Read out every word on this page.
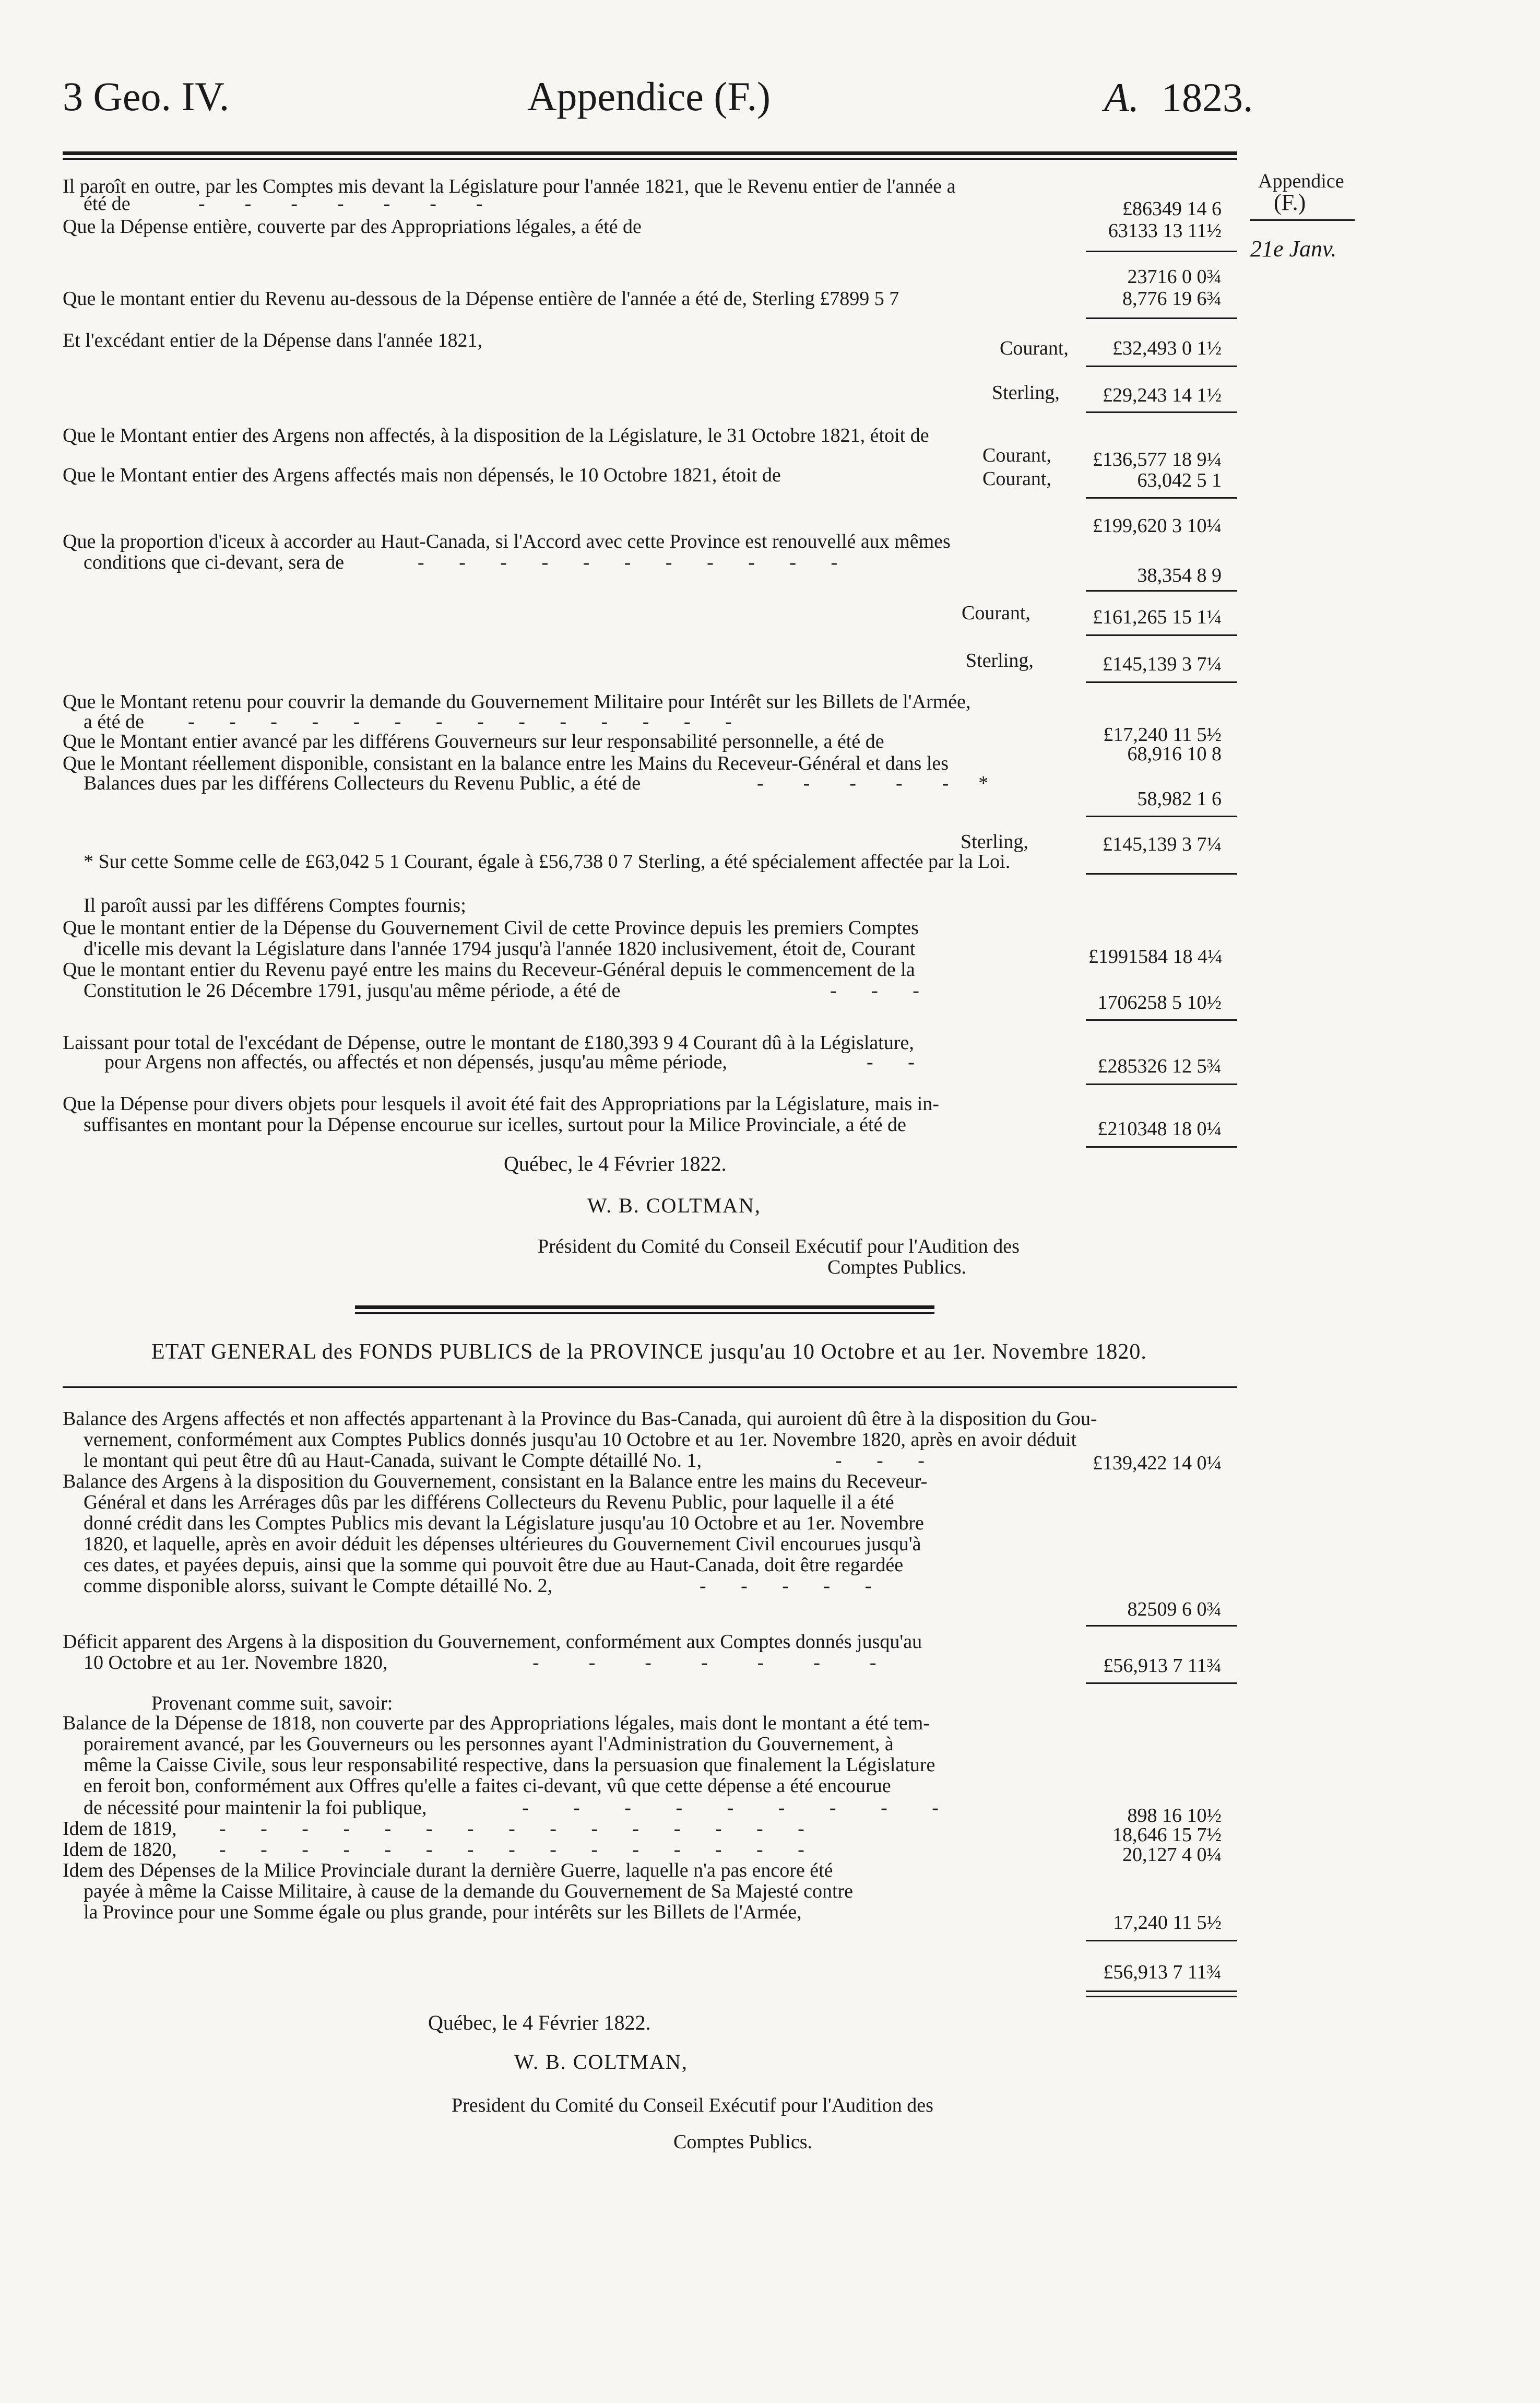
3 Geo. IV.	Appendice (F.)	A. 1823.
Appendice
(F.)
21e Janv.
Il paroît en outre, par les Comptes mis devant la Législature pour l'année 1821, que le Revenu entier de l'année a
été de	-        -        -        -        -        -        -	£86349 14 6
Que la Dépense entière, couverte par des Appropriations légales, a été de	63133 13 11½
23716 0 0¾
Que le montant entier du Revenu au-dessous de la Dépense entière de l'année a été de, Sterling £7899 5 7	8,776 19 6¾
Et l'excédant entier de la Dépense dans l'année 1821,	Courant,	£32,493 0 1½
Sterling,	£29,243 14 1½
Que le Montant entier des Argens non affectés, à la disposition de la Législature, le 31 Octobre 1821, étoit de
Courant, £136,577 18 9¼
Que le Montant entier des Argens affectés mais non dépensés, le 10 Octobre 1821, étoit de	Courant,	63,042 5 1
£199,620 3 10¼
Que la proportion d'iceux à accorder au Haut-Canada, si l'Accord avec cette Province est renouvellé aux mêmes
conditions que ci-devant, sera de	-       -       -       -       -       -       -       -       -       -       -
38,354 8 9
Courant,	£161,265 15 1¼
Sterling,	£145,139 3 7¼
Que le Montant retenu pour couvrir la demande du Gouvernement Militaire pour Intérêt sur les Billets de l'Armée,
a été de -       -       -       -       -       -       -       -       -       -       -       -       -       -
£17,240 11 5½
Que le Montant entier avancé par les différens Gouverneurs sur leur responsabilité personnelle, a été de
68,916 10 8
Que le Montant réellement disponible, consistant en la balance entre les Mains du Receveur-Général et dans les
Balances dues par les différens Collecteurs du Revenu Public, a été de	-        -        -        -        -      *
58,982 1 6
Sterling,	£145,139 3 7¼
* Sur cette Somme celle de £63,042 5 1 Courant, égale à £56,738 0 7 Sterling, a été spécialement affectée par la Loi.
Il paroît aussi par les différens Comptes fournis;
Que le montant entier de la Dépense du Gouvernement Civil de cette Province depuis les premiers Comptes
d'icelle mis devant la Législature dans l'année 1794 jusqu'à l'année 1820 inclusivement, étoit de, Courant	£1991584 18 4¼
Que le montant entier du Revenu payé entre les mains du Receveur-Général depuis le commencement de la
Constitution le 26 Décembre 1791, jusqu'au même période, a été de	-       -       -
1706258 5 10½
Laissant pour total de l'excédant de Dépense, outre le montant de £180,393 9 4 Courant dû à la Législature,
pour Argens non affectés, ou affectés et non dépensés, jusqu'au même période,	-       -	£285326 12 5¾
Que la Dépense pour divers objets pour lesquels il avoit été fait des Appropriations par la Législature, mais in-
suffisantes en montant pour la Dépense encourue sur icelles, surtout pour la Milice Provinciale, a été de	£210348 18 0¼
Québec, le 4 Février 1822.
W. B. COLTMAN,
Président du Comité du Conseil Exécutif pour l'Audition des
Comptes Publics.
ETAT GENERAL des FONDS PUBLICS de la PROVINCE jusqu'au 10 Octobre et au 1er. Novembre 1820.
Balance des Argens affectés et non affectés appartenant à la Province du Bas-Canada, qui auroient dû être à la disposition du Gou-
vernement, conformément aux Comptes Publics donnés jusqu'au 10 Octobre et au 1er. Novembre 1820, après en avoir déduit
le montant qui peut être dû au Haut-Canada, suivant le Compte détaillé No. 1,	-       -       -	£139,422 14 0¼
Balance des Argens à la disposition du Gouvernement, consistant en la Balance entre les mains du Receveur-
Général et dans les Arrérages dûs par les différens Collecteurs du Revenu Public, pour laquelle il a été
donné crédit dans les Comptes Publics mis devant la Législature jusqu'au 10 Octobre et au 1er. Novembre
1820, et laquelle, après en avoir déduit les dépenses ultérieures du Gouvernement Civil encourues jusqu'à
ces dates, et payées depuis, ainsi que la somme qui pouvoit être due au Haut-Canada, doit être regardée
comme disponible alorss, suivant le Compte détaillé No. 2,	-       -       -       -       -
82509 6 0¾
Déficit apparent des Argens à la disposition du Gouvernement, conformément aux Comptes donnés jusqu'au
10 Octobre et au 1er. Novembre 1820,	-          -          -          -          -          -          -	£56,913 7 11¾
Provenant comme suit, savoir:
Balance de la Dépense de 1818, non couverte par des Appropriations légales, mais dont le montant a été tem-
porairement avancé, par les Gouverneurs ou les personnes ayant l'Administration du Gouvernement, à
même la Caisse Civile, sous leur responsabilité respective, dans la persuasion que finalement la Législature
en feroit bon, conformément aux Offres qu'elle a faites ci-devant, vû que cette dépense a été encourue
de nécessité pour maintenir la foi publique,	-         -         -         -         -         -         -         -         -	898 16 10½
Idem de 1819, -       -       -       -       -       -       -       -       -       -       -       -       -       -       -	18,646 15 7½
Idem de 1820, -       -       -       -       -       -       -       -       -       -       -       -       -       -       -	20,127 4 0¼
Idem des Dépenses de la Milice Provinciale durant la dernière Guerre, laquelle n'a pas encore été
payée à même la Caisse Militaire, à cause de la demande du Gouvernement de Sa Majesté contre
la Province pour une Somme égale ou plus grande, pour intérêts sur les Billets de l'Armée,	17,240 11 5½
£56,913 7 11¾
Québec, le 4 Février 1822.
W. B. COLTMAN,
President du Comité du Conseil Exécutif pour l'Audition des
Comptes Publics.
